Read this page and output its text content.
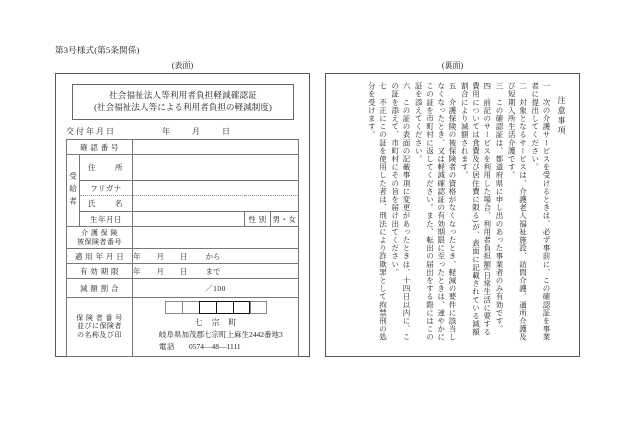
第3号様式(第5条関係)
(表面)	(裏面)
社会福祉法人等利用者負担軽減確認証
(社会福祉法人等による利用者負担の軽減制度)
交付年月日	年	月	日
確 認 番 号				
受給者	住　　所			
	フリガナ			
	氏　　名			
	生年月日		性 別	男・女

介 護 保 険
被保険者番号				

適 用 年 月 日		年 月 日 から		
有 効 期 限		年 月 日 まで		
減 額 割 合		／100		

保 険 者 番 号
並びに保険者
の名称及び印

七宗町
岐阜県加茂郡七宗町上麻生2442番地3
電話 0574—48—1111
注意事項
一　次の介護サービスを受けるときは、必ず事前に、この確認証を事業者に提出してください。
二　対象となるサービスは、介護老人福祉施設、訪問介護、通所介護及び短期入所生活介護です。
三　この確認証は、都道府県に申し出のあった事業者のみ有効です。
四　前記のサービスを利用した場合、利用者負担額(日常生活に要する費用については食費及び居住費に限る)が、表面に記載されている減額割合により減額されます。
五　介護保険の被保険者の資格がなくなったとき、軽減の要件に該当しなくなったとき、又は軽減確認証の有効期限に至ったときは、速やかにこの証を市町村に返してください。また、転出の届出をする際にはこの証を添えてください。
六　この証の表面の記載事項に変更があったときは、十四日以内に、この証を添えて、市町村にその旨を届け出てください。
七　不正にこの証を使用した者は、刑法により詐欺罪として拘禁刑の処分を受けます。
